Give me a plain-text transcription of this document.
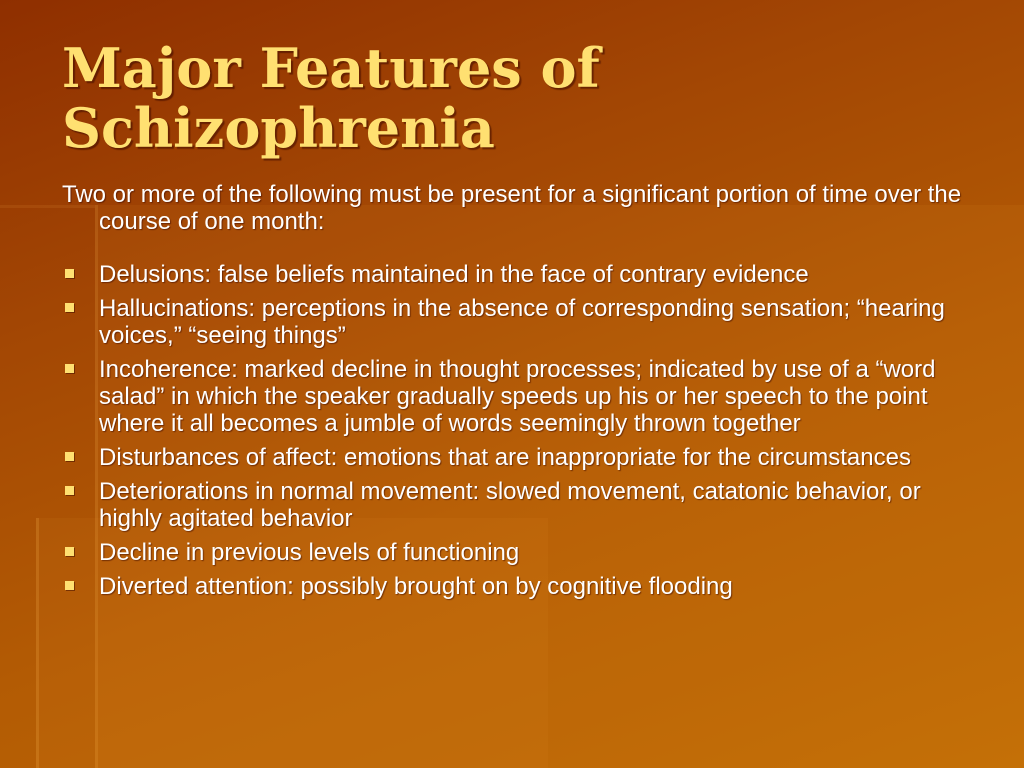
Major Features of
Schizophrenia

Two or more of the following must be present for a significant portion of time over the course of one month:

Delusions: false beliefs maintained in the face of contrary evidence
Hallucinations: perceptions in the absence of corresponding sensation; “hearing voices,” “seeing things”
Incoherence: marked decline in thought processes; indicated by use of a “word salad” in which the speaker gradually speeds up his or her speech to the point where it all becomes a jumble of words seemingly thrown together
Disturbances of affect: emotions that are inappropriate for the circumstances
Deteriorations in normal movement: slowed movement, catatonic behavior, or highly agitated behavior
Decline in previous levels of functioning
Diverted attention: possibly brought on by cognitive flooding
